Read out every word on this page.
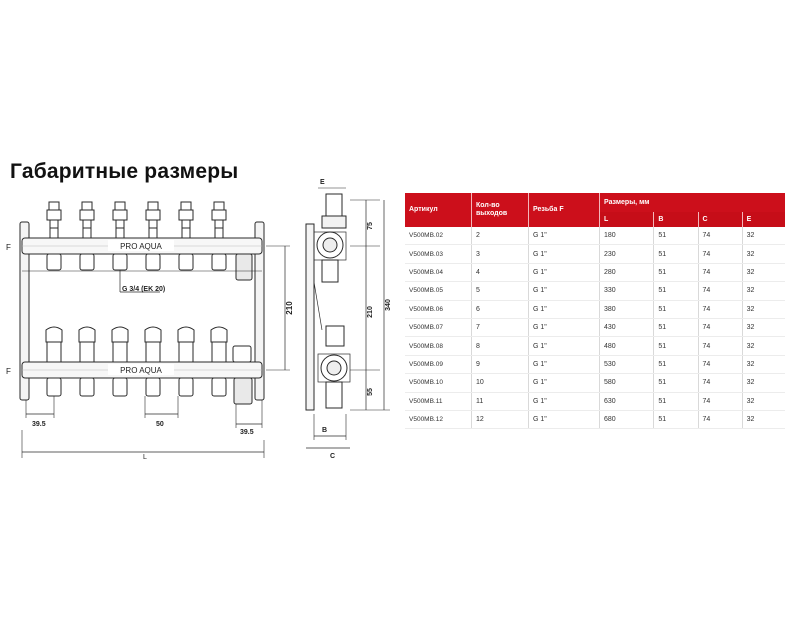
Габаритные размеры
PRO AQUA
PRO AQUA
F
F
G 3/4 (EK 20)
210
39.5	50
39.5
L
E
75
210
340
55
B
C
Артикул	Кол-во выходов	Резьба F	Размеры, мм			
			L	B	C	E
V500MB.02	2	G 1"	180	51	74	32
V500MB.03	3	G 1"	230	51	74	32
V500MB.04	4	G 1"	280	51	74	32
V500MB.05	5	G 1"	330	51	74	32
V500MB.06	6	G 1"	380	51	74	32
V500MB.07	7	G 1"	430	51	74	32
V500MB.08	8	G 1"	480	51	74	32
V500MB.09	9	G 1"	530	51	74	32
V500MB.10	10	G 1"	580	51	74	32
V500MB.11	11	G 1"	630	51	74	32
V500MB.12	12	G 1"	680	51	74	32
